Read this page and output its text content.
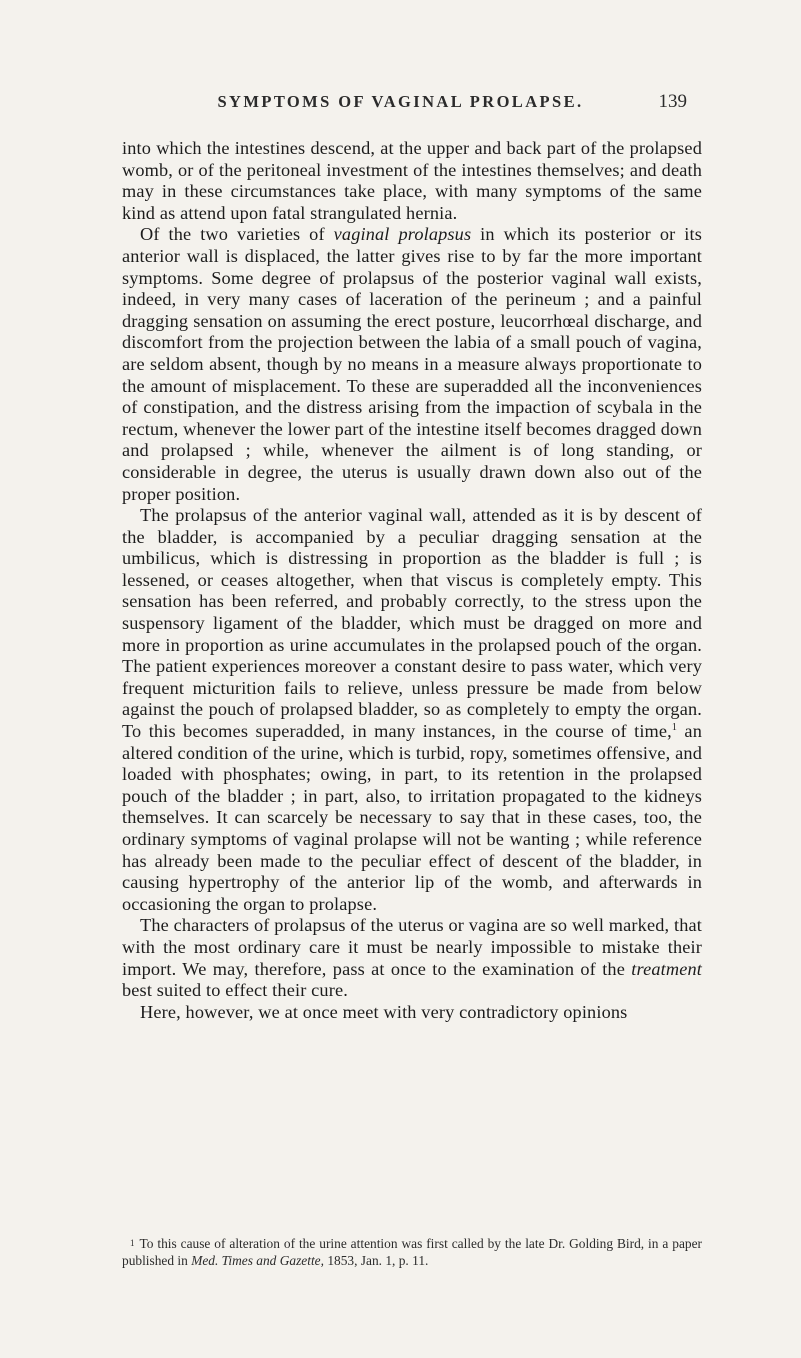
SYMPTOMS OF VAGINAL PROLAPSE.	139

into which the intestines descend, at the upper and back part of the prolapsed womb, or of the peritoneal investment of the intestines themselves; and death may in these circumstances take place, with many symptoms of the same kind as attend upon fatal strangulated hernia.

Of the two varieties of vaginal prolapsus in which its posterior or its anterior wall is displaced, the latter gives rise to by far the more important symptoms. Some degree of prolapsus of the posterior vaginal wall exists, indeed, in very many cases of laceration of the perineum ; and a painful dragging sensation on assuming the erect posture, leucorrhœal discharge, and discomfort from the projection between the labia of a small pouch of vagina, are seldom absent, though by no means in a measure always proportionate to the amount of misplacement. To these are superadded all the inconveniences of constipation, and the distress arising from the impaction of scybala in the rectum, whenever the lower part of the intestine itself becomes dragged down and prolapsed ; while, whenever the ailment is of long standing, or considerable in degree, the uterus is usually drawn down also out of the proper position.

The prolapsus of the anterior vaginal wall, attended as it is by descent of the bladder, is accompanied by a peculiar dragging sensation at the umbilicus, which is distressing in proportion as the bladder is full ; is lessened, or ceases altogether, when that viscus is completely empty. This sensation has been referred, and probably correctly, to the stress upon the suspensory ligament of the bladder, which must be dragged on more and more in proportion as urine accumulates in the prolapsed pouch of the organ. The patient experiences moreover a constant desire to pass water, which very frequent micturition fails to relieve, unless pressure be made from below against the pouch of prolapsed bladder, so as completely to empty the organ. To this becomes superadded, in many instances, in the course of time,$^1$ an altered condition of the urine, which is turbid, ropy, sometimes offensive, and loaded with phosphates; owing, in part, to its retention in the prolapsed pouch of the bladder ; in part, also, to irritation propagated to the kidneys themselves. It can scarcely be necessary to say that in these cases, too, the ordinary symptoms of vaginal prolapse will not be wanting ; while reference has already been made to the peculiar effect of descent of the bladder, in causing hypertrophy of the anterior lip of the womb, and afterwards in occasioning the organ to prolapse.

The characters of prolapsus of the uterus or vagina are so well marked, that with the most ordinary care it must be nearly impossible to mistake their import. We may, therefore, pass at once to the examination of the treatment best suited to effect their cure.

Here, however, we at once meet with very contradictory opinions

$^1$ To this cause of alteration of the urine attention was first called by the late Dr. Golding Bird, in a paper published in Med. Times and Gazette, 1853, Jan. 1, p. 11.
